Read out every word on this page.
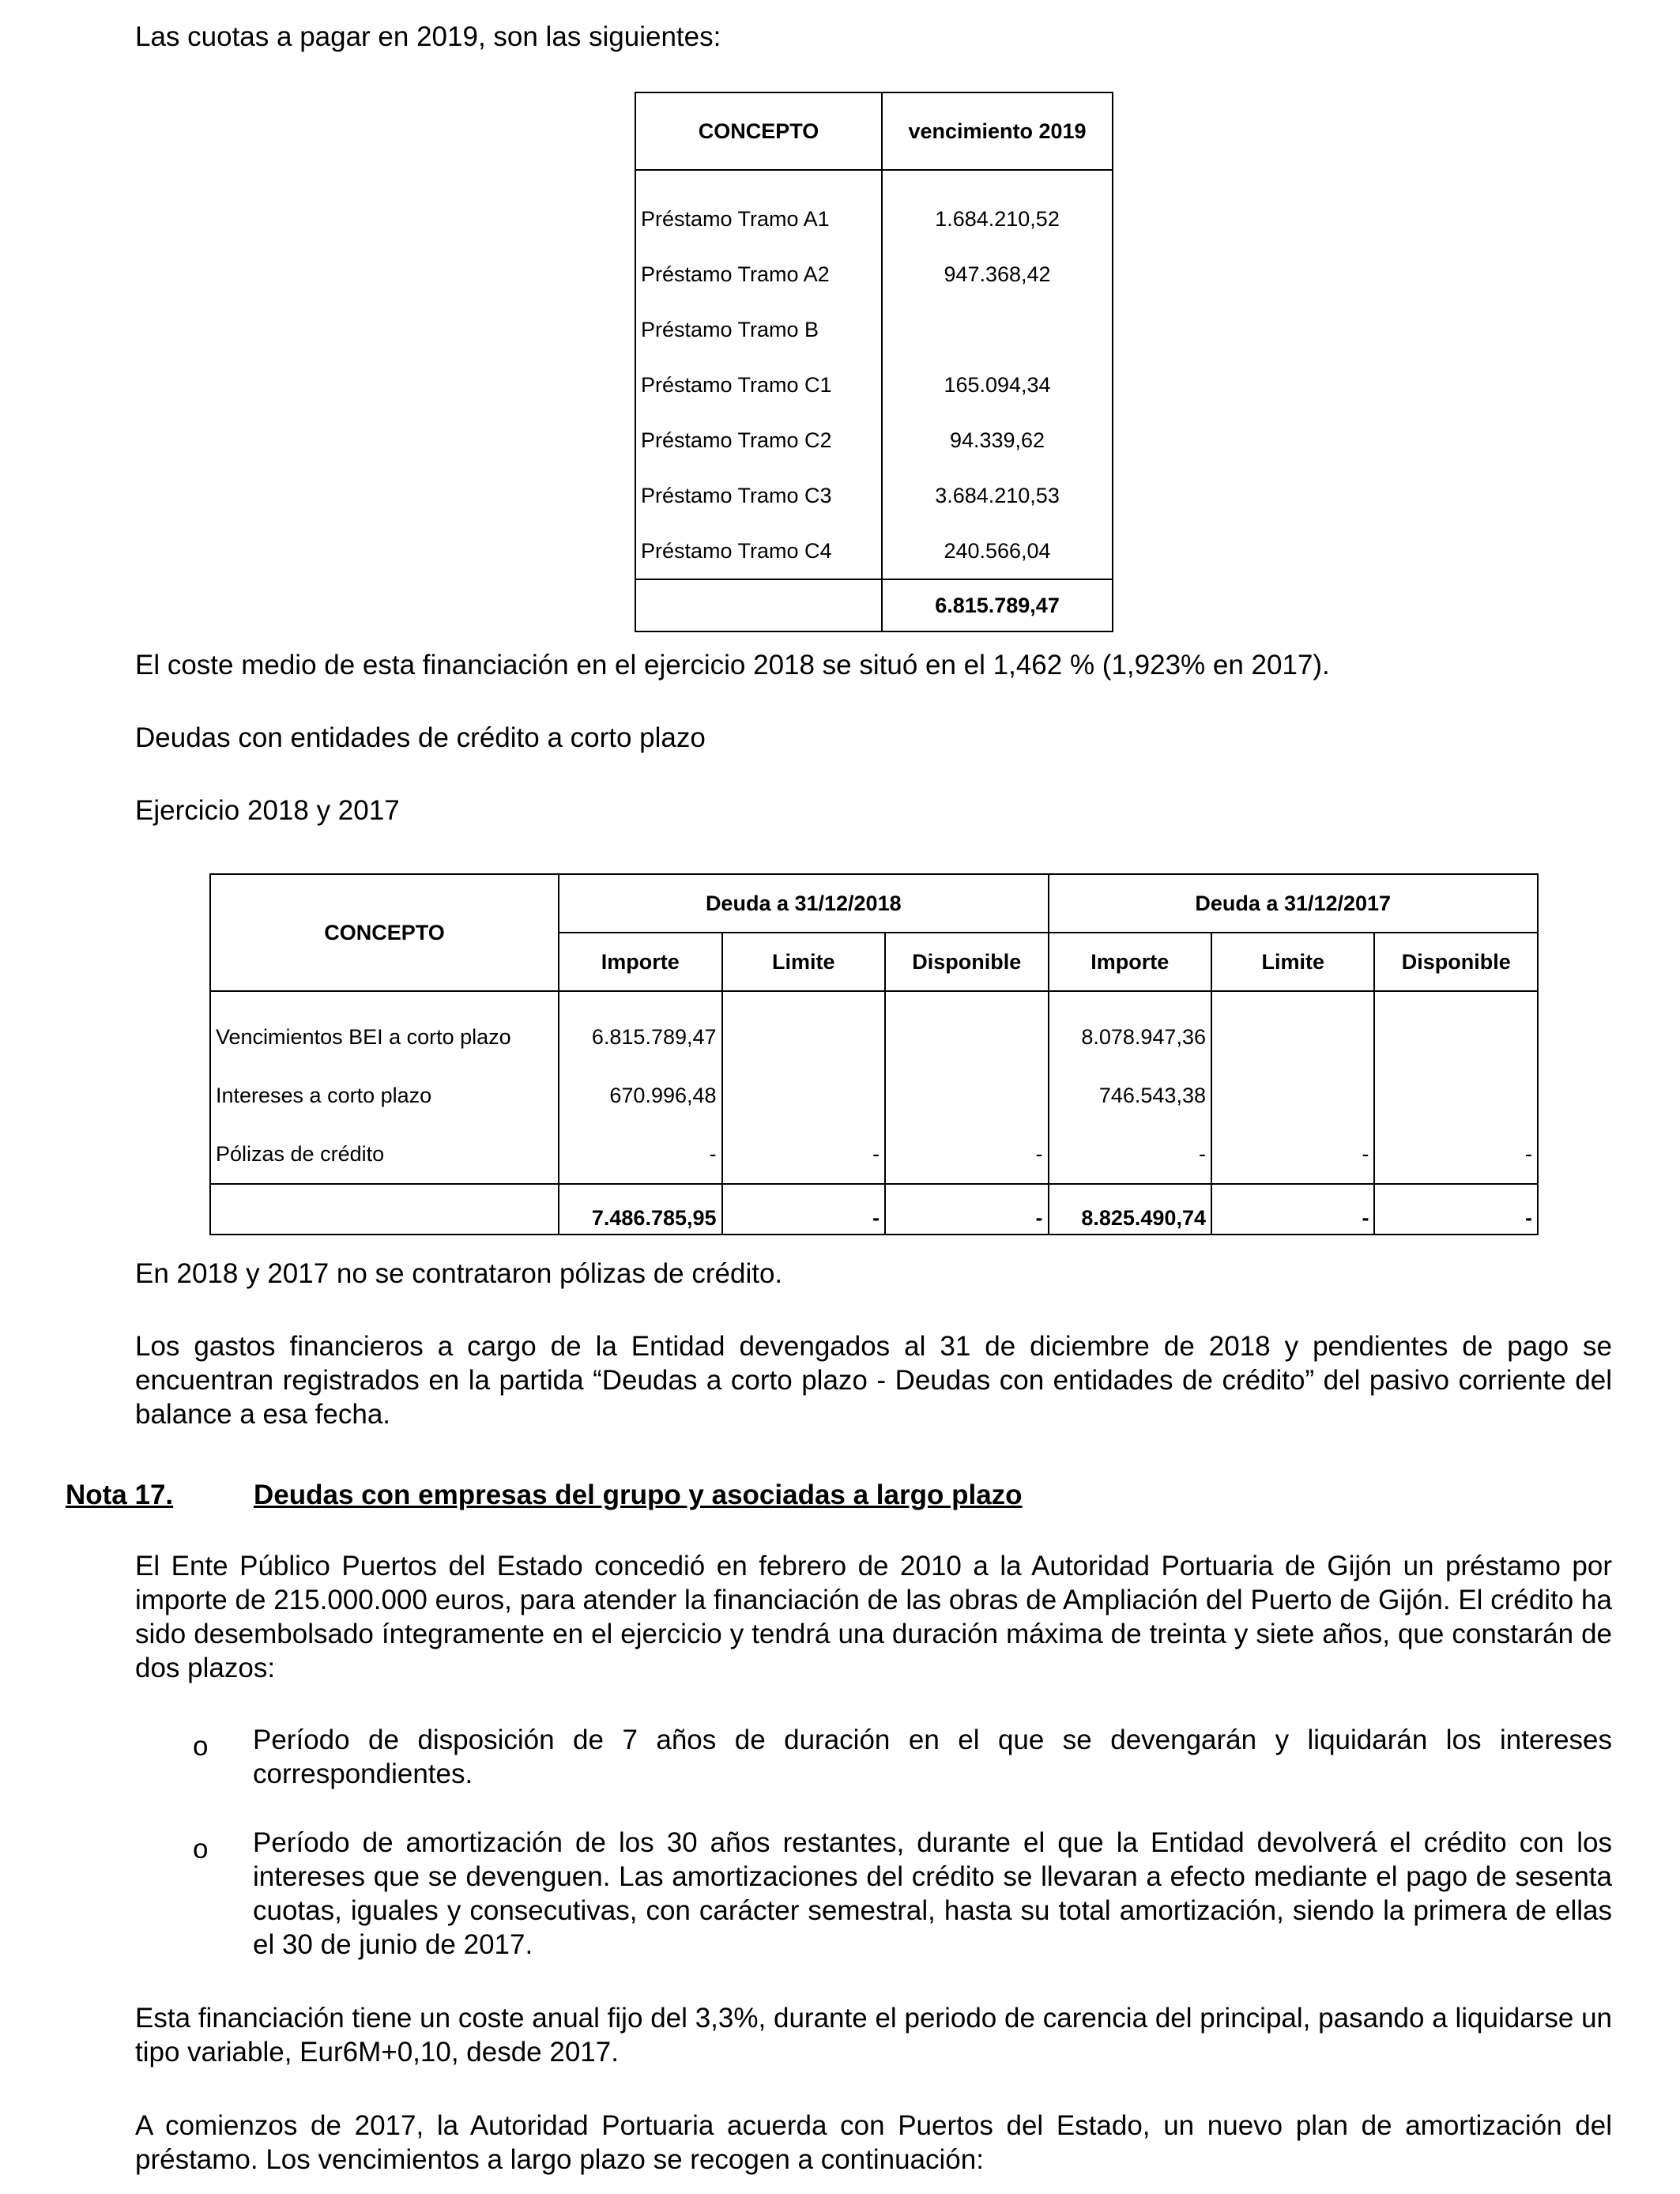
Las cuotas a pagar en 2019, son las siguientes:

CONCEPTO	vencimiento 2019
Préstamo Tramo A1	1.684.210,52
Préstamo Tramo A2	947.368,42
Préstamo Tramo B	
Préstamo Tramo C1	165.094,34
Préstamo Tramo C2	94.339,62
Préstamo Tramo C3	3.684.210,53
Préstamo Tramo C4	240.566,04
	6.815.789,47

El coste medio de esta financiación en el ejercicio 2018 se situó en el 1,462 % (1,923% en 2017).

Deudas con entidades de crédito a corto plazo

Ejercicio 2018 y 2017

CONCEPTO	Deuda a 31/12/2018			Deuda a 31/12/2017		
	Importe	Limite	Disponible	Importe	Limite	Disponible
Vencimientos BEI a corto plazo	6.815.789,47			8.078.947,36		
Intereses a corto plazo	670.996,48			746.543,38		
Pólizas de crédito	-	-	-	-	-	-
	7.486.785,95	-	-	8.825.490,74	-	-

En 2018 y 2017 no se contrataron pólizas de crédito.

Los gastos financieros a cargo de la Entidad devengados al 31 de diciembre de 2018 y pendientes de pago se encuentran registrados en la partida “Deudas a corto plazo - Deudas con entidades de crédito” del pasivo corriente del balance a esa fecha.

Nota 17.	Deudas con empresas del grupo y asociadas a largo plazo

El Ente Público Puertos del Estado concedió en febrero de 2010 a la Autoridad Portuaria de Gijón un préstamo por importe de 215.000.000 euros, para atender la financiación de las obras de Ampliación del Puerto de Gijón. El crédito ha sido desembolsado íntegramente en el ejercicio y tendrá una duración máxima de treinta y siete años, que constarán de dos plazos:

o Período de disposición de 7 años de duración en el que se devengarán y liquidarán los intereses correspondientes.

o Período de amortización de los 30 años restantes, durante el que la Entidad devolverá el crédito con los intereses que se devenguen. Las amortizaciones del crédito se llevaran a efecto mediante el pago de sesenta cuotas, iguales y consecutivas, con carácter semestral, hasta su total amortización, siendo la primera de ellas el 30 de junio de 2017.

Esta financiación tiene un coste anual fijo del 3,3%, durante el periodo de carencia del principal, pasando a liquidarse un tipo variable, Eur6M+0,10, desde 2017.

A comienzos de 2017, la Autoridad Portuaria acuerda con Puertos del Estado, un nuevo plan de amortización del préstamo. Los vencimientos a largo plazo se recogen a continuación:
